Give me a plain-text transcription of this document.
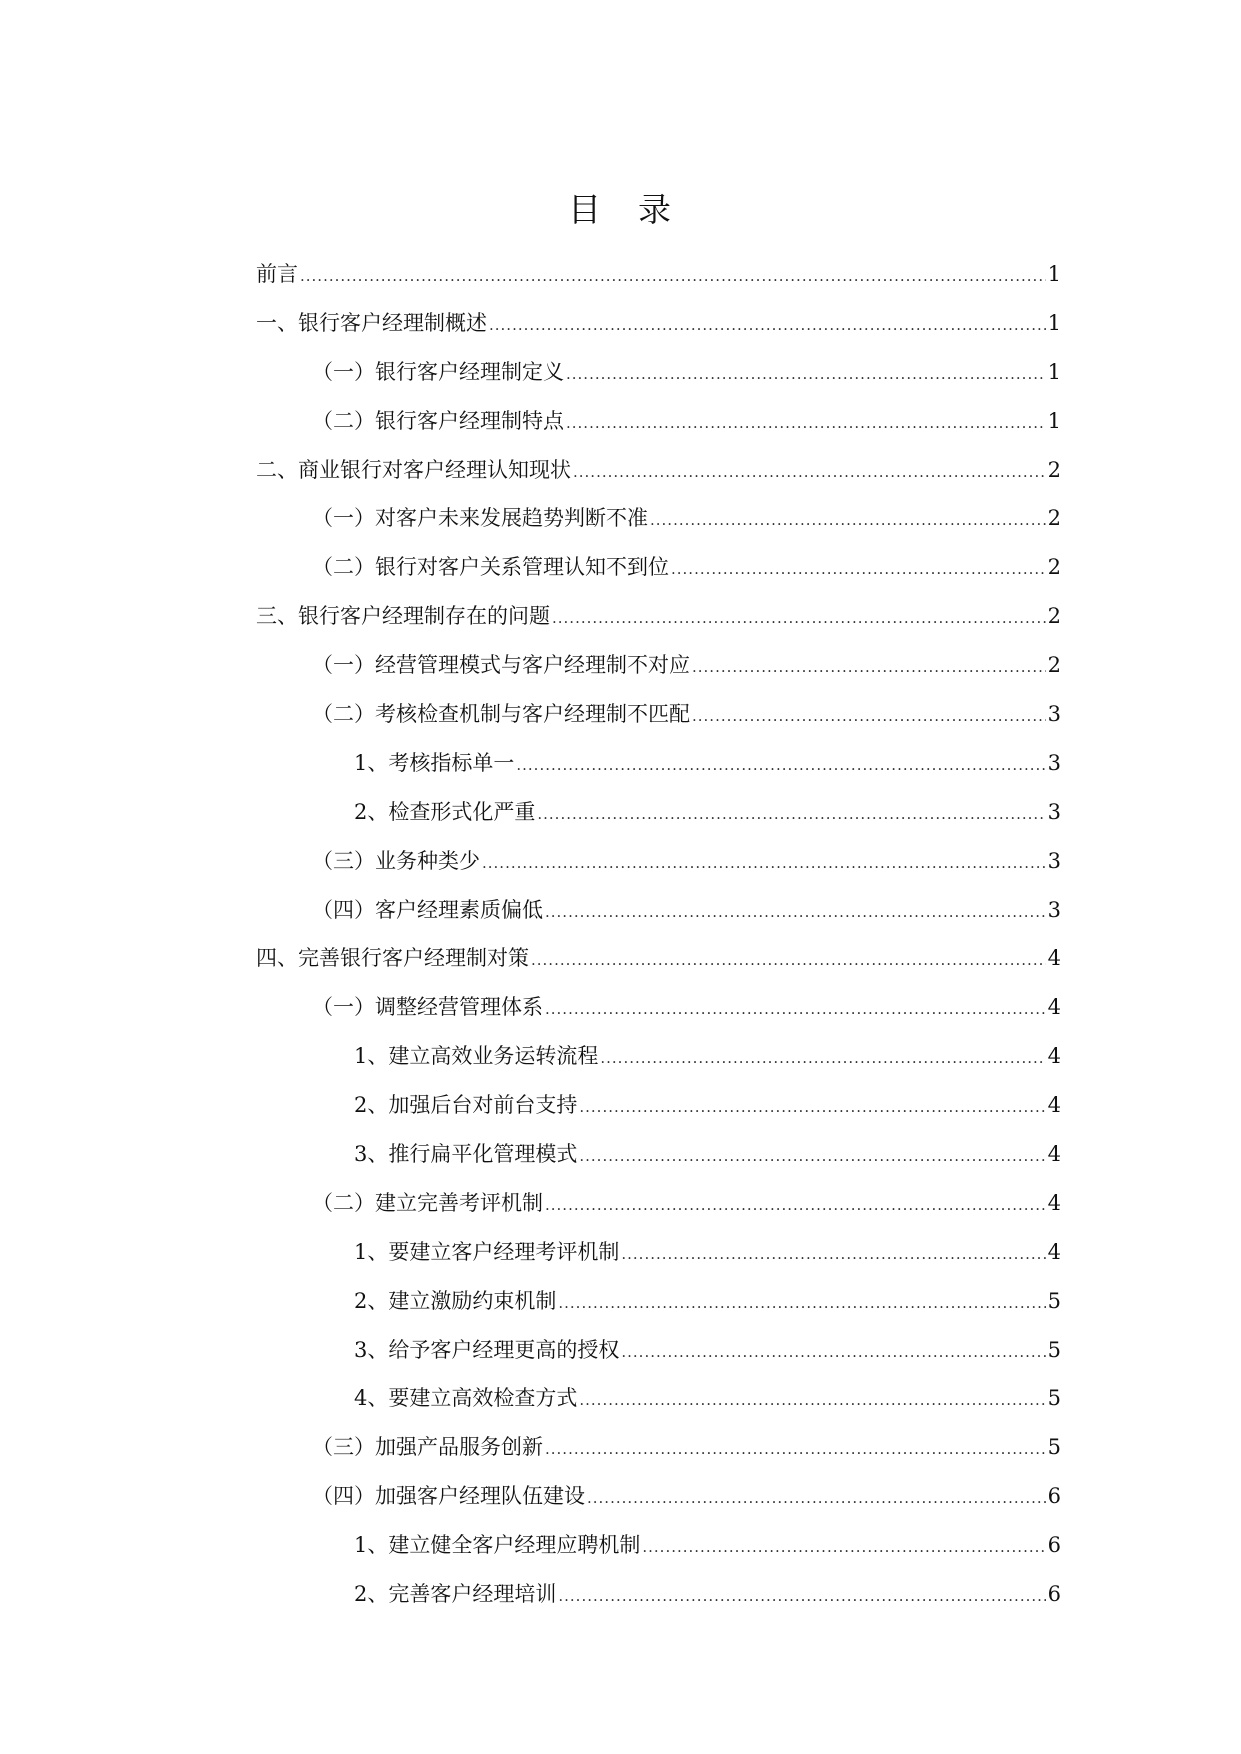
目　录
前言 .....	1
一、银行客户经理制概述 .....	1
（一）银行客户经理制定义 .....	1
（二）银行客户经理制特点 .....	1
二、商业银行对客户经理认知现状 .....	2
（一）对客户未来发展趋势判断不准 .....	2
（二）银行对客户关系管理认知不到位 .....	2
三、银行客户经理制存在的问题 .....	2
（一）经营管理模式与客户经理制不对应 .....	2
（二）考核检查机制与客户经理制不匹配 .....	3
1、考核指标单一 .....	3
2、检查形式化严重 .....	3
（三）业务种类少 .....	3
（四）客户经理素质偏低 .....	3
四、完善银行客户经理制对策 .....	4
（一）调整经营管理体系 .....	4
1、建立高效业务运转流程 .....	4
2、加强后台对前台支持 .....	4
3、推行扁平化管理模式 .....	4
（二）建立完善考评机制 .....	4
1、要建立客户经理考评机制 .....	4
2、建立激励约束机制 .....	5
3、给予客户经理更高的授权 .....	5
4、要建立高效检查方式 .....	5
（三）加强产品服务创新 .....	5
（四）加强客户经理队伍建设 .....	6
1、建立健全客户经理应聘机制 .....	6
2、完善客户经理培训 .....	6
